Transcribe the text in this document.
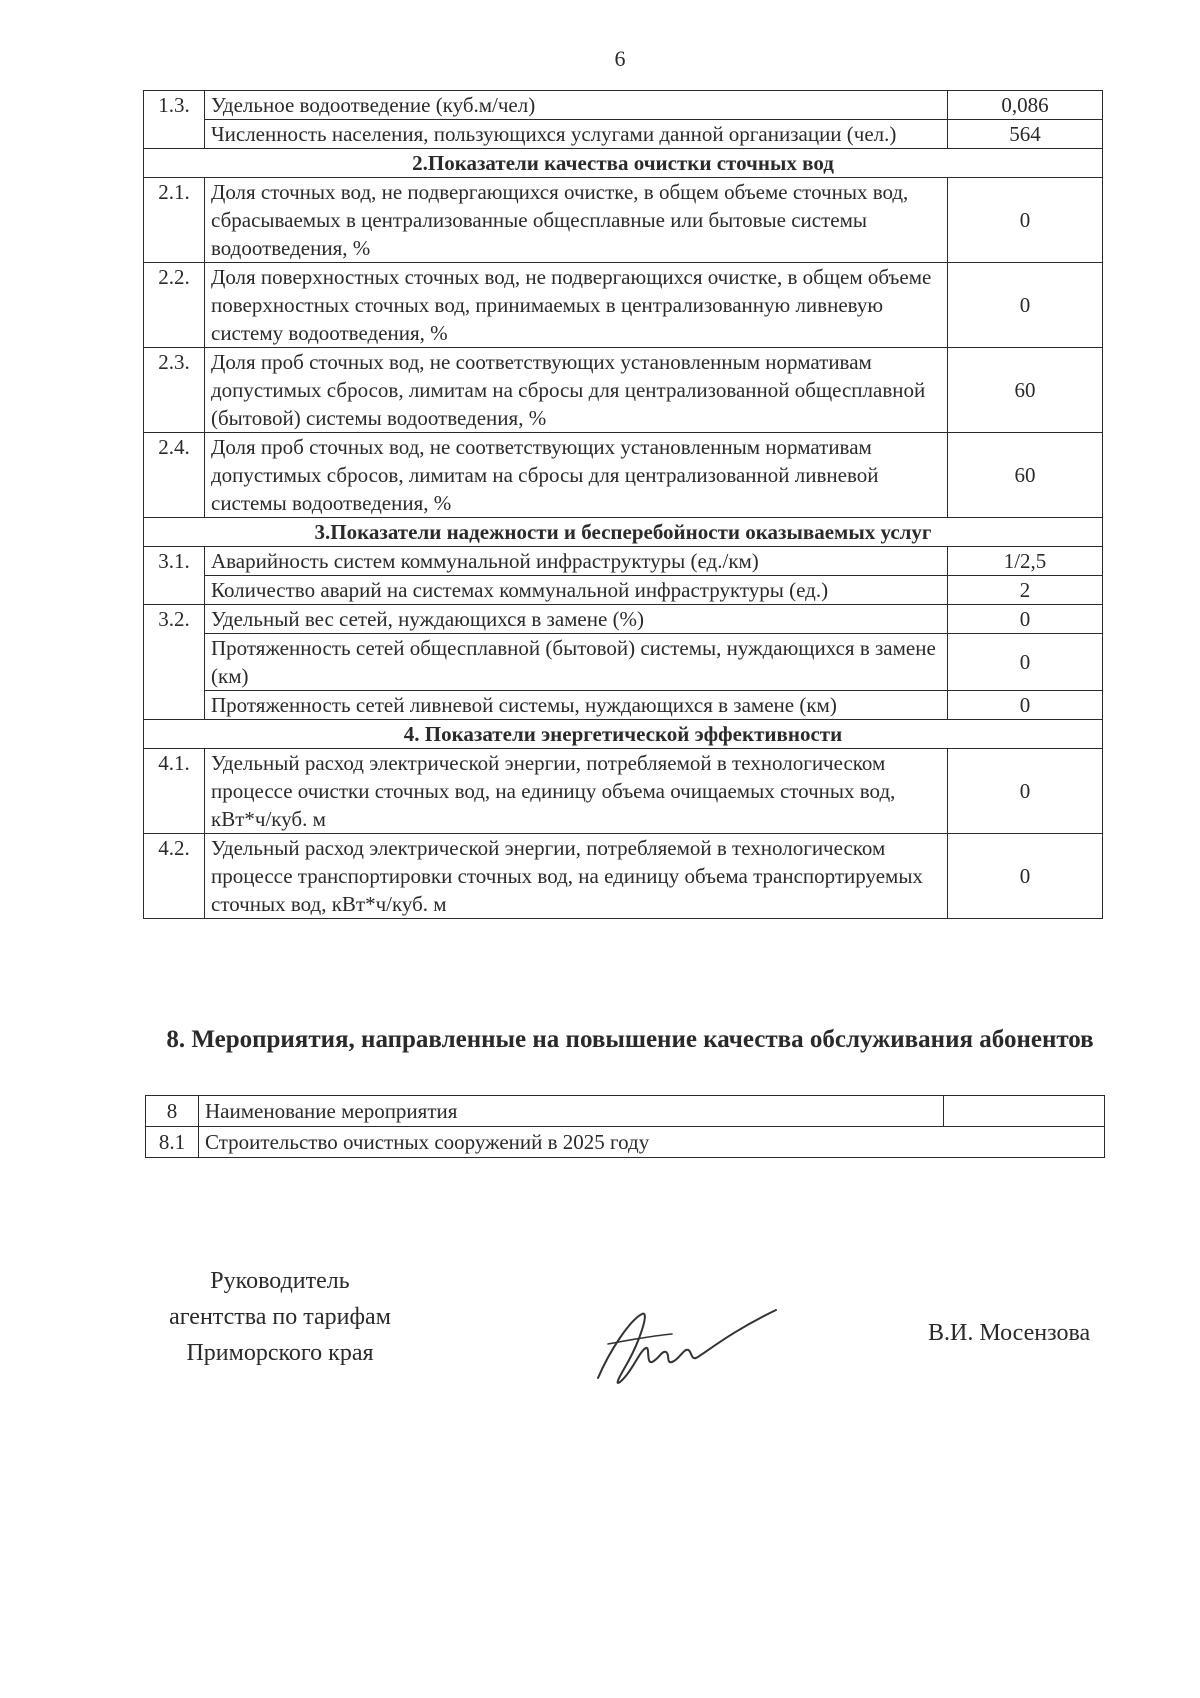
6
1.3.	Удельное водоотведение (куб.м/чел)	0,086
	Численность населения, пользующихся услугами данной организации (чел.)	564
2.Показатели качества очистки сточных вод		
2.1.	Доля сточных вод, не подвергающихся очистке, в общем объеме сточных вод, сбрасываемых в централизованные общесплавные или бытовые системы водоотведения, %	0
2.2.	Доля поверхностных сточных вод, не подвергающихся очистке, в общем объеме поверхностных сточных вод, принимаемых в централизованную ливневую систему водоотведения, %	0
2.3.	Доля проб сточных вод, не соответствующих установленным нормативам допустимых сбросов, лимитам на сбросы для централизованной общесплавной (бытовой) системы водоотведения, %	60
2.4.	Доля проб сточных вод, не соответствующих установленным нормативам допустимых сбросов, лимитам на сбросы для централизованной ливневой системы водоотведения, %	60
3.Показатели надежности и бесперебойности оказываемых услуг		
3.1.	Аварийность систем коммунальной инфраструктуры (ед./км)	1/2,5
	Количество аварий на системах коммунальной инфраструктуры (ед.)	2
3.2.	Удельный вес сетей, нуждающихся в замене (%)	0
	Протяженность сетей общесплавной (бытовой) системы, нуждающихся в замене (км)	0
	Протяженность сетей ливневой системы, нуждающихся в замене (км)	0
4. Показатели энергетической эффективности		
4.1.	Удельный расход электрической энергии, потребляемой в технологическом процессе очистки сточных вод, на единицу объема очищаемых сточных вод, кВт*ч/куб. м	0
4.2.	Удельный расход электрической энергии, потребляемой в технологическом процессе транспортировки сточных вод, на единицу объема транспортируемых сточных вод, кВт*ч/куб. м	0
8. Мероприятия, направленные на повышение качества обслуживания абонентов
8	Наименование мероприятия	
8.1	Строительство очистных сооружений в 2025 году	
Руководитель
агентства по тарифам
Приморского края
В.И. Мосензова
